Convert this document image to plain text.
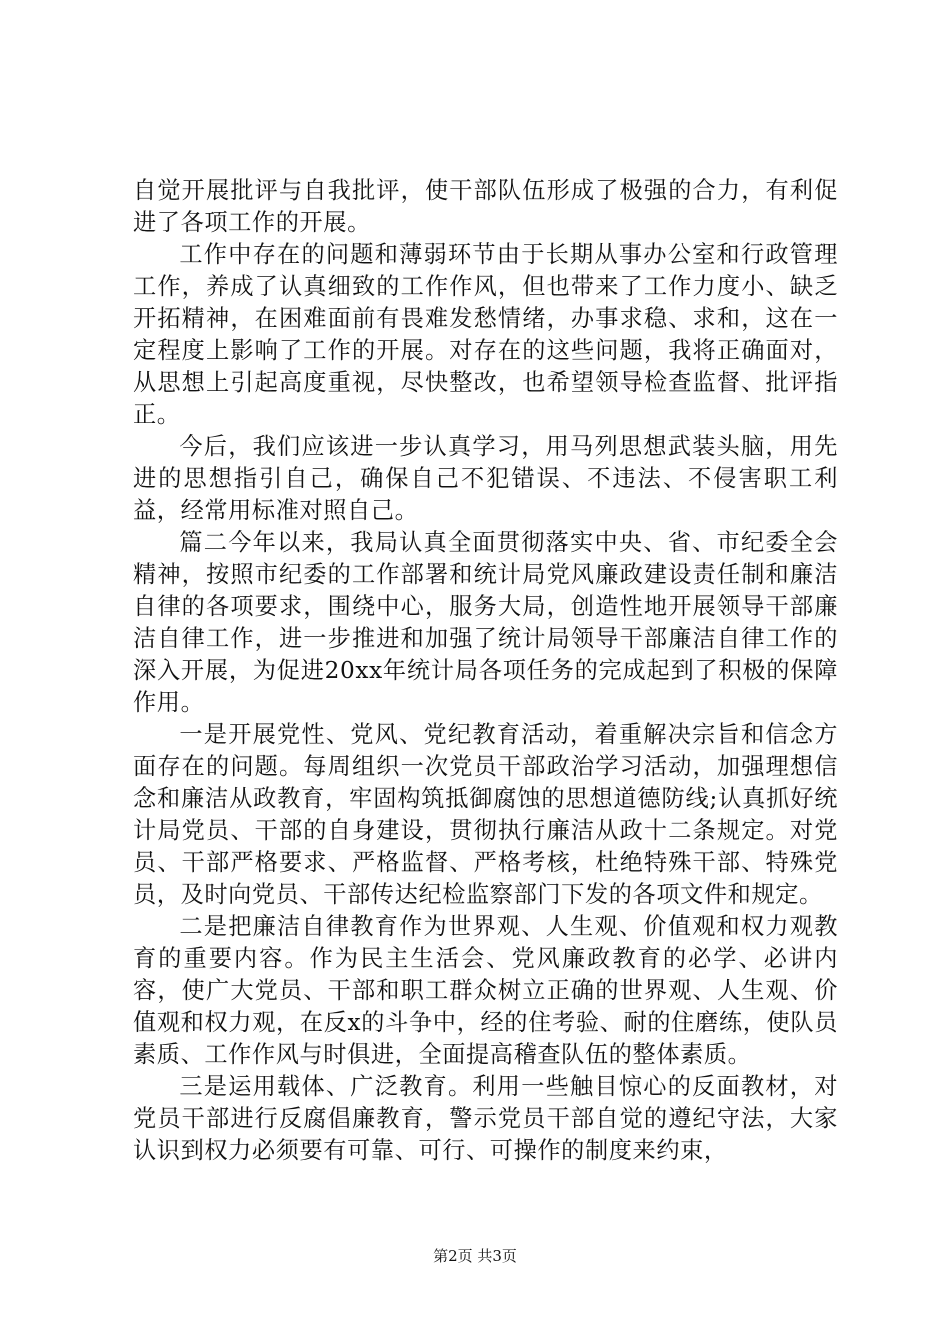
自觉开展批评与自我批评，使干部队伍形成了极强的合力，有利促进了各项工作的开展。

工作中存在的问题和薄弱环节由于长期从事办公室和行政管理工作，养成了认真细致的工作作风，但也带来了工作力度小、缺乏开拓精神，在困难面前有畏难发愁情绪，办事求稳、求和，这在一定程度上影响了工作的开展。对存在的这些问题，我将正确面对，从思想上引起高度重视，尽快整改，也希望领导检查监督、批评指正。

今后，我们应该进一步认真学习，用马列思想武装头脑，用先进的思想指引自己，确保自己不犯错误、不违法、不侵害职工利益，经常用标准对照自己。

篇二今年以来，我局认真全面贯彻落实中央、省、市纪委全会精神，按照市纪委的工作部署和统计局党风廉政建设责任制和廉洁自律的各项要求，围绕中心，服务大局，创造性地开展领导干部廉洁自律工作，进一步推进和加强了统计局领导干部廉洁自律工作的深入开展，为促进20xx年统计局各项任务的完成起到了积极的保障作用。

一是开展党性、党风、党纪教育活动，着重解决宗旨和信念方面存在的问题。每周组织一次党员干部政治学习活动，加强理想信念和廉洁从政教育，牢固构筑抵御腐蚀的思想道德防线;认真抓好统计局党员、干部的自身建设，贯彻执行廉洁从政十二条规定。对党员、干部严格要求、严格监督、严格考核，杜绝特殊干部、特殊党员，及时向党员、干部传达纪检监察部门下发的各项文件和规定。

二是把廉洁自律教育作为世界观、人生观、价值观和权力观教育的重要内容。作为民主生活会、党风廉政教育的必学、必讲内容，使广大党员、干部和职工群众树立正确的世界观、人生观、价值观和权力观，在反x的斗争中，经的住考验、耐的住磨练，使队员素质、工作作风与时俱进，全面提高稽查队伍的整体素质。

三是运用载体、广泛教育。利用一些触目惊心的反面教材，对党员干部进行反腐倡廉教育，警示党员干部自觉的遵纪守法，大家认识到权力必须要有可靠、可行、可操作的制度来约束，

第2页 共3页
